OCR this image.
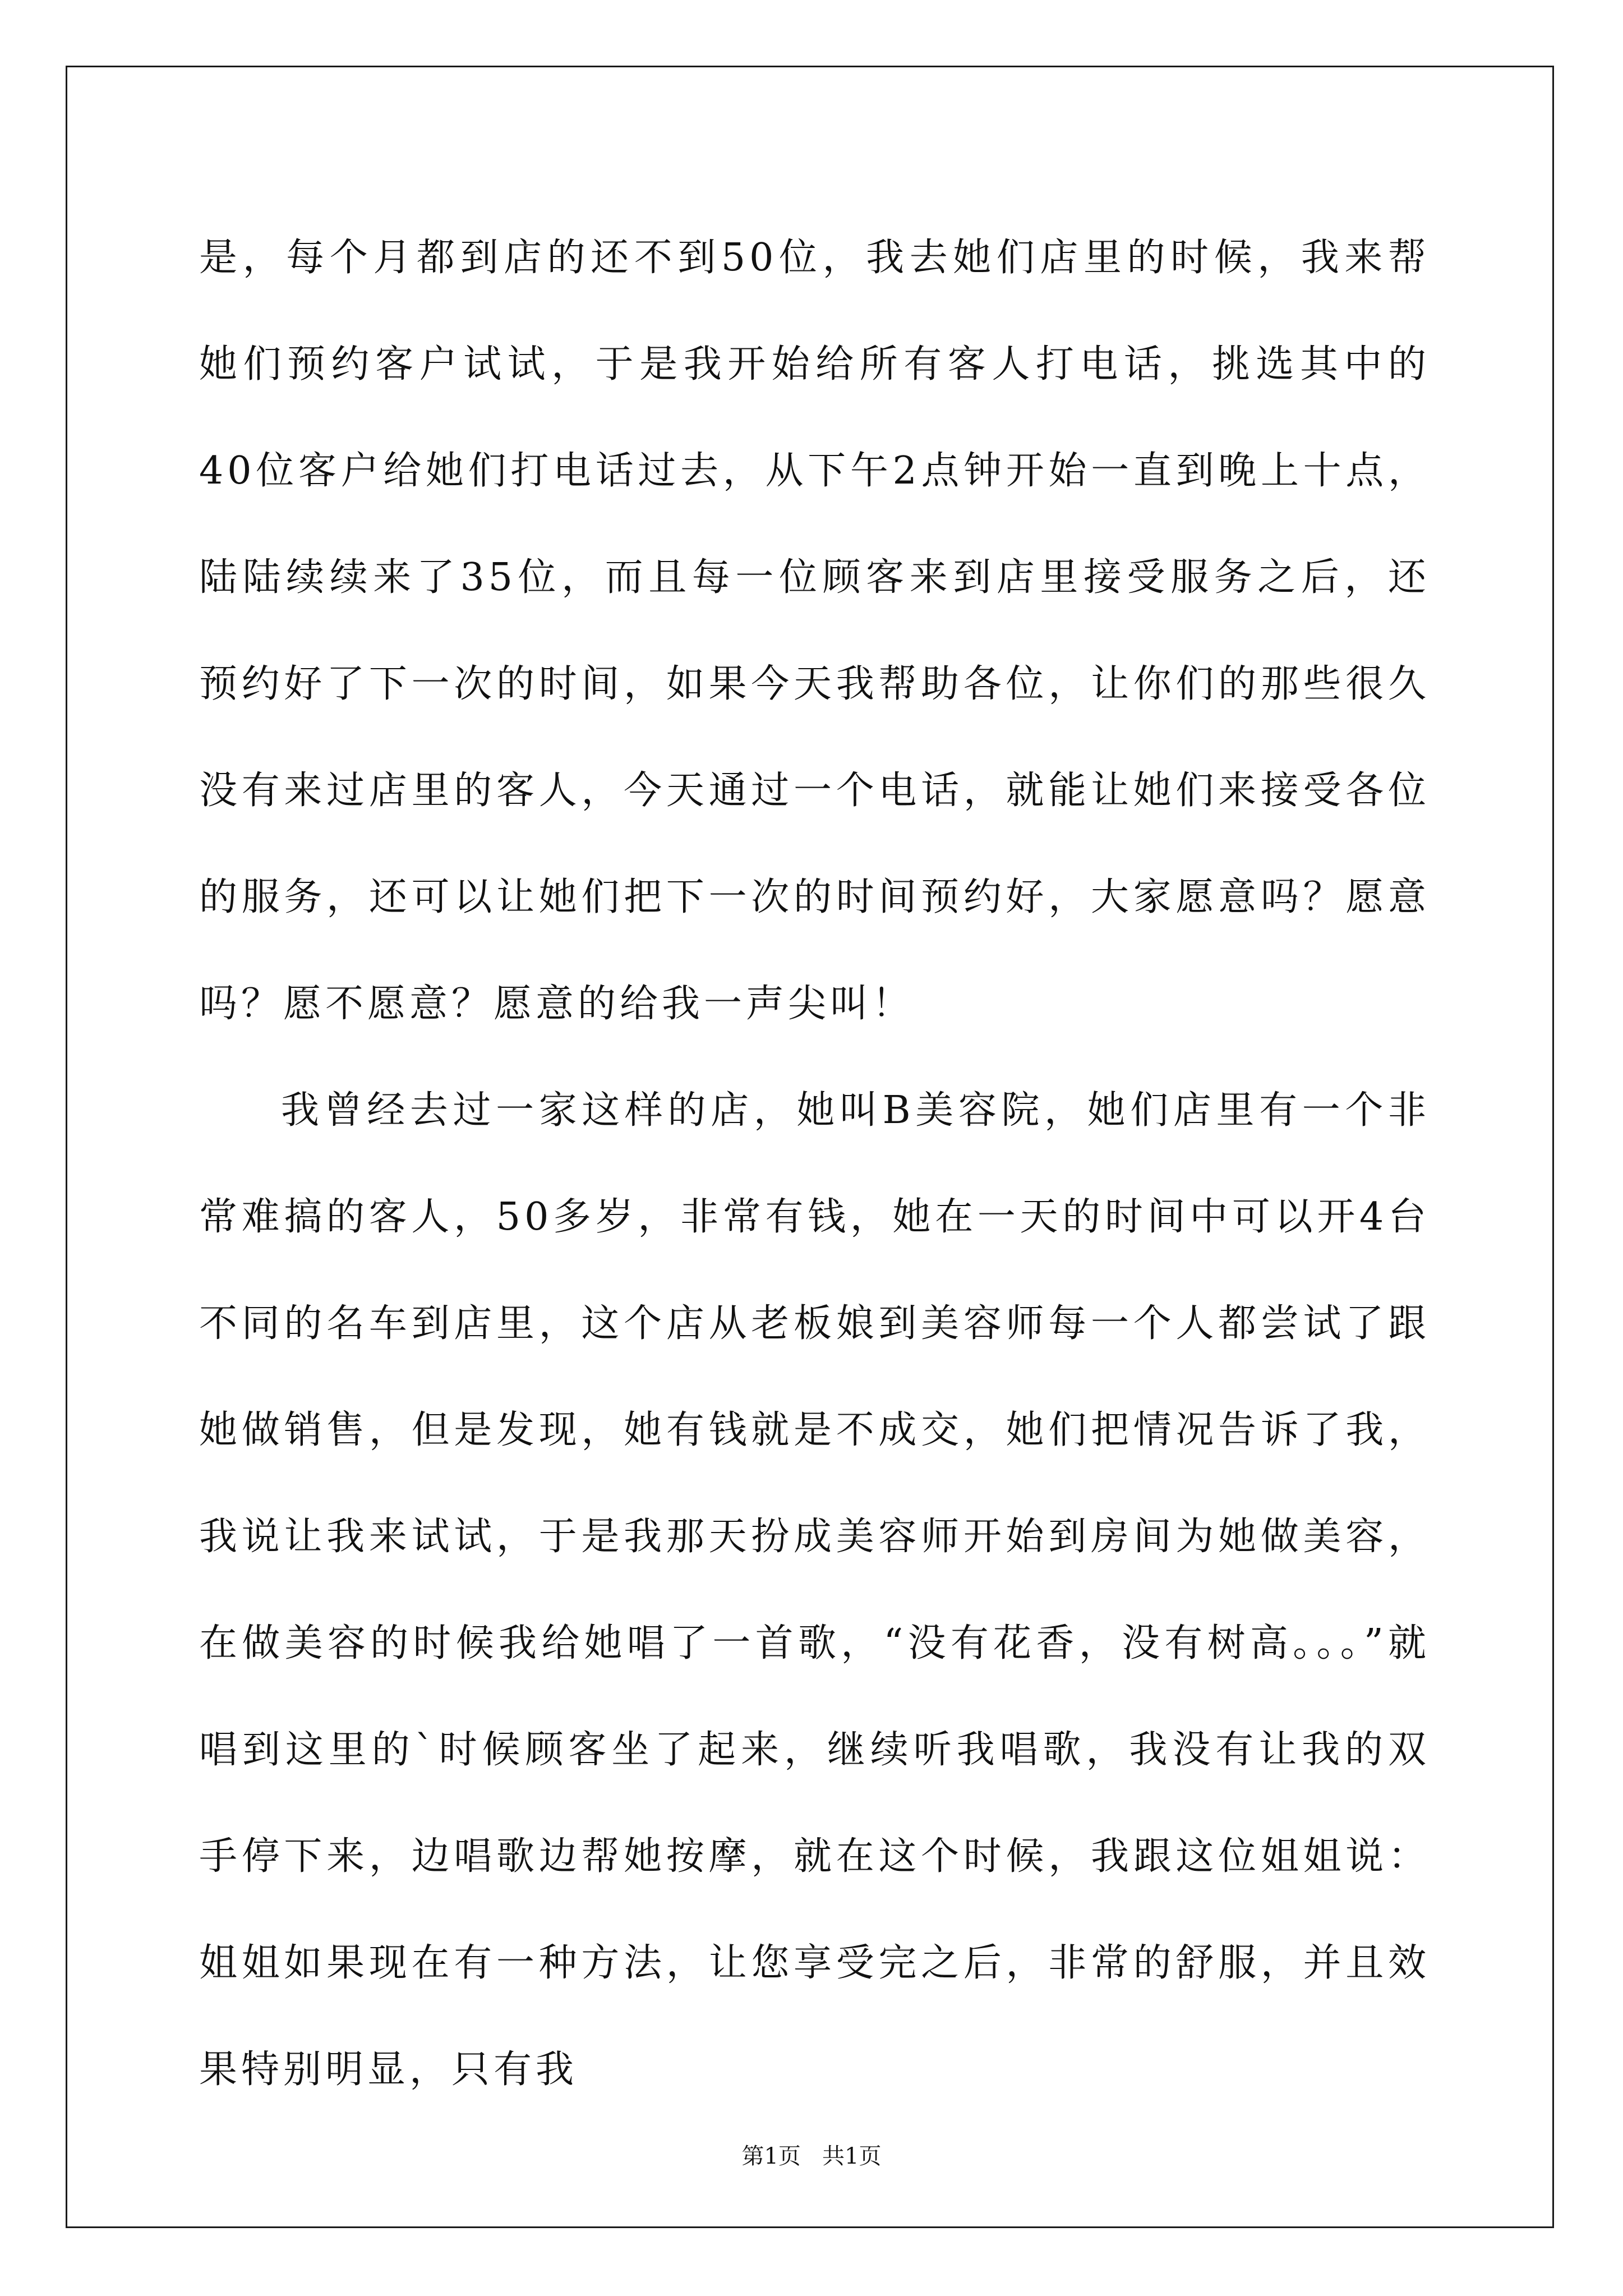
是，每个月都到店的还不到50位，我去她们店里的时候，我来帮她们预约客户试试，于是我开始给所有客人打电话，挑选其中的40位客户给她们打电话过去，从下午2点钟开始一直到晚上十点，陆陆续续来了35位，而且每一位顾客来到店里接受服务之后，还预约好了下一次的时间，如果今天我帮助各位，让你们的那些很久没有来过店里的客人，今天通过一个电话，就能让她们来接受各位的服务，还可以让她们把下一次的时间预约好，大家愿意吗？愿意吗？愿不愿意？愿意的给我一声尖叫！

我曾经去过一家这样的店，她叫B美容院，她们店里有一个非常难搞的客人，50多岁，非常有钱，她在一天的时间中可以开4台不同的名车到店里，这个店从老板娘到美容师每一个人都尝试了跟她做销售，但是发现，她有钱就是不成交，她们把情况告诉了我，我说让我来试试，于是我那天扮成美容师开始到房间为她做美容，在做美容的时候我给她唱了一首歌，“没有花香，没有树高。。。”就唱到这里的`时候顾客坐了起来，继续听我唱歌，我没有让我的双手停下来，边唱歌边帮她按摩，就在这个时候，我跟这位姐姐说：姐姐如果现在有一种方法，让您享受完之后，非常的舒服，并且效果特别明显，只有我

第1页   共1页
